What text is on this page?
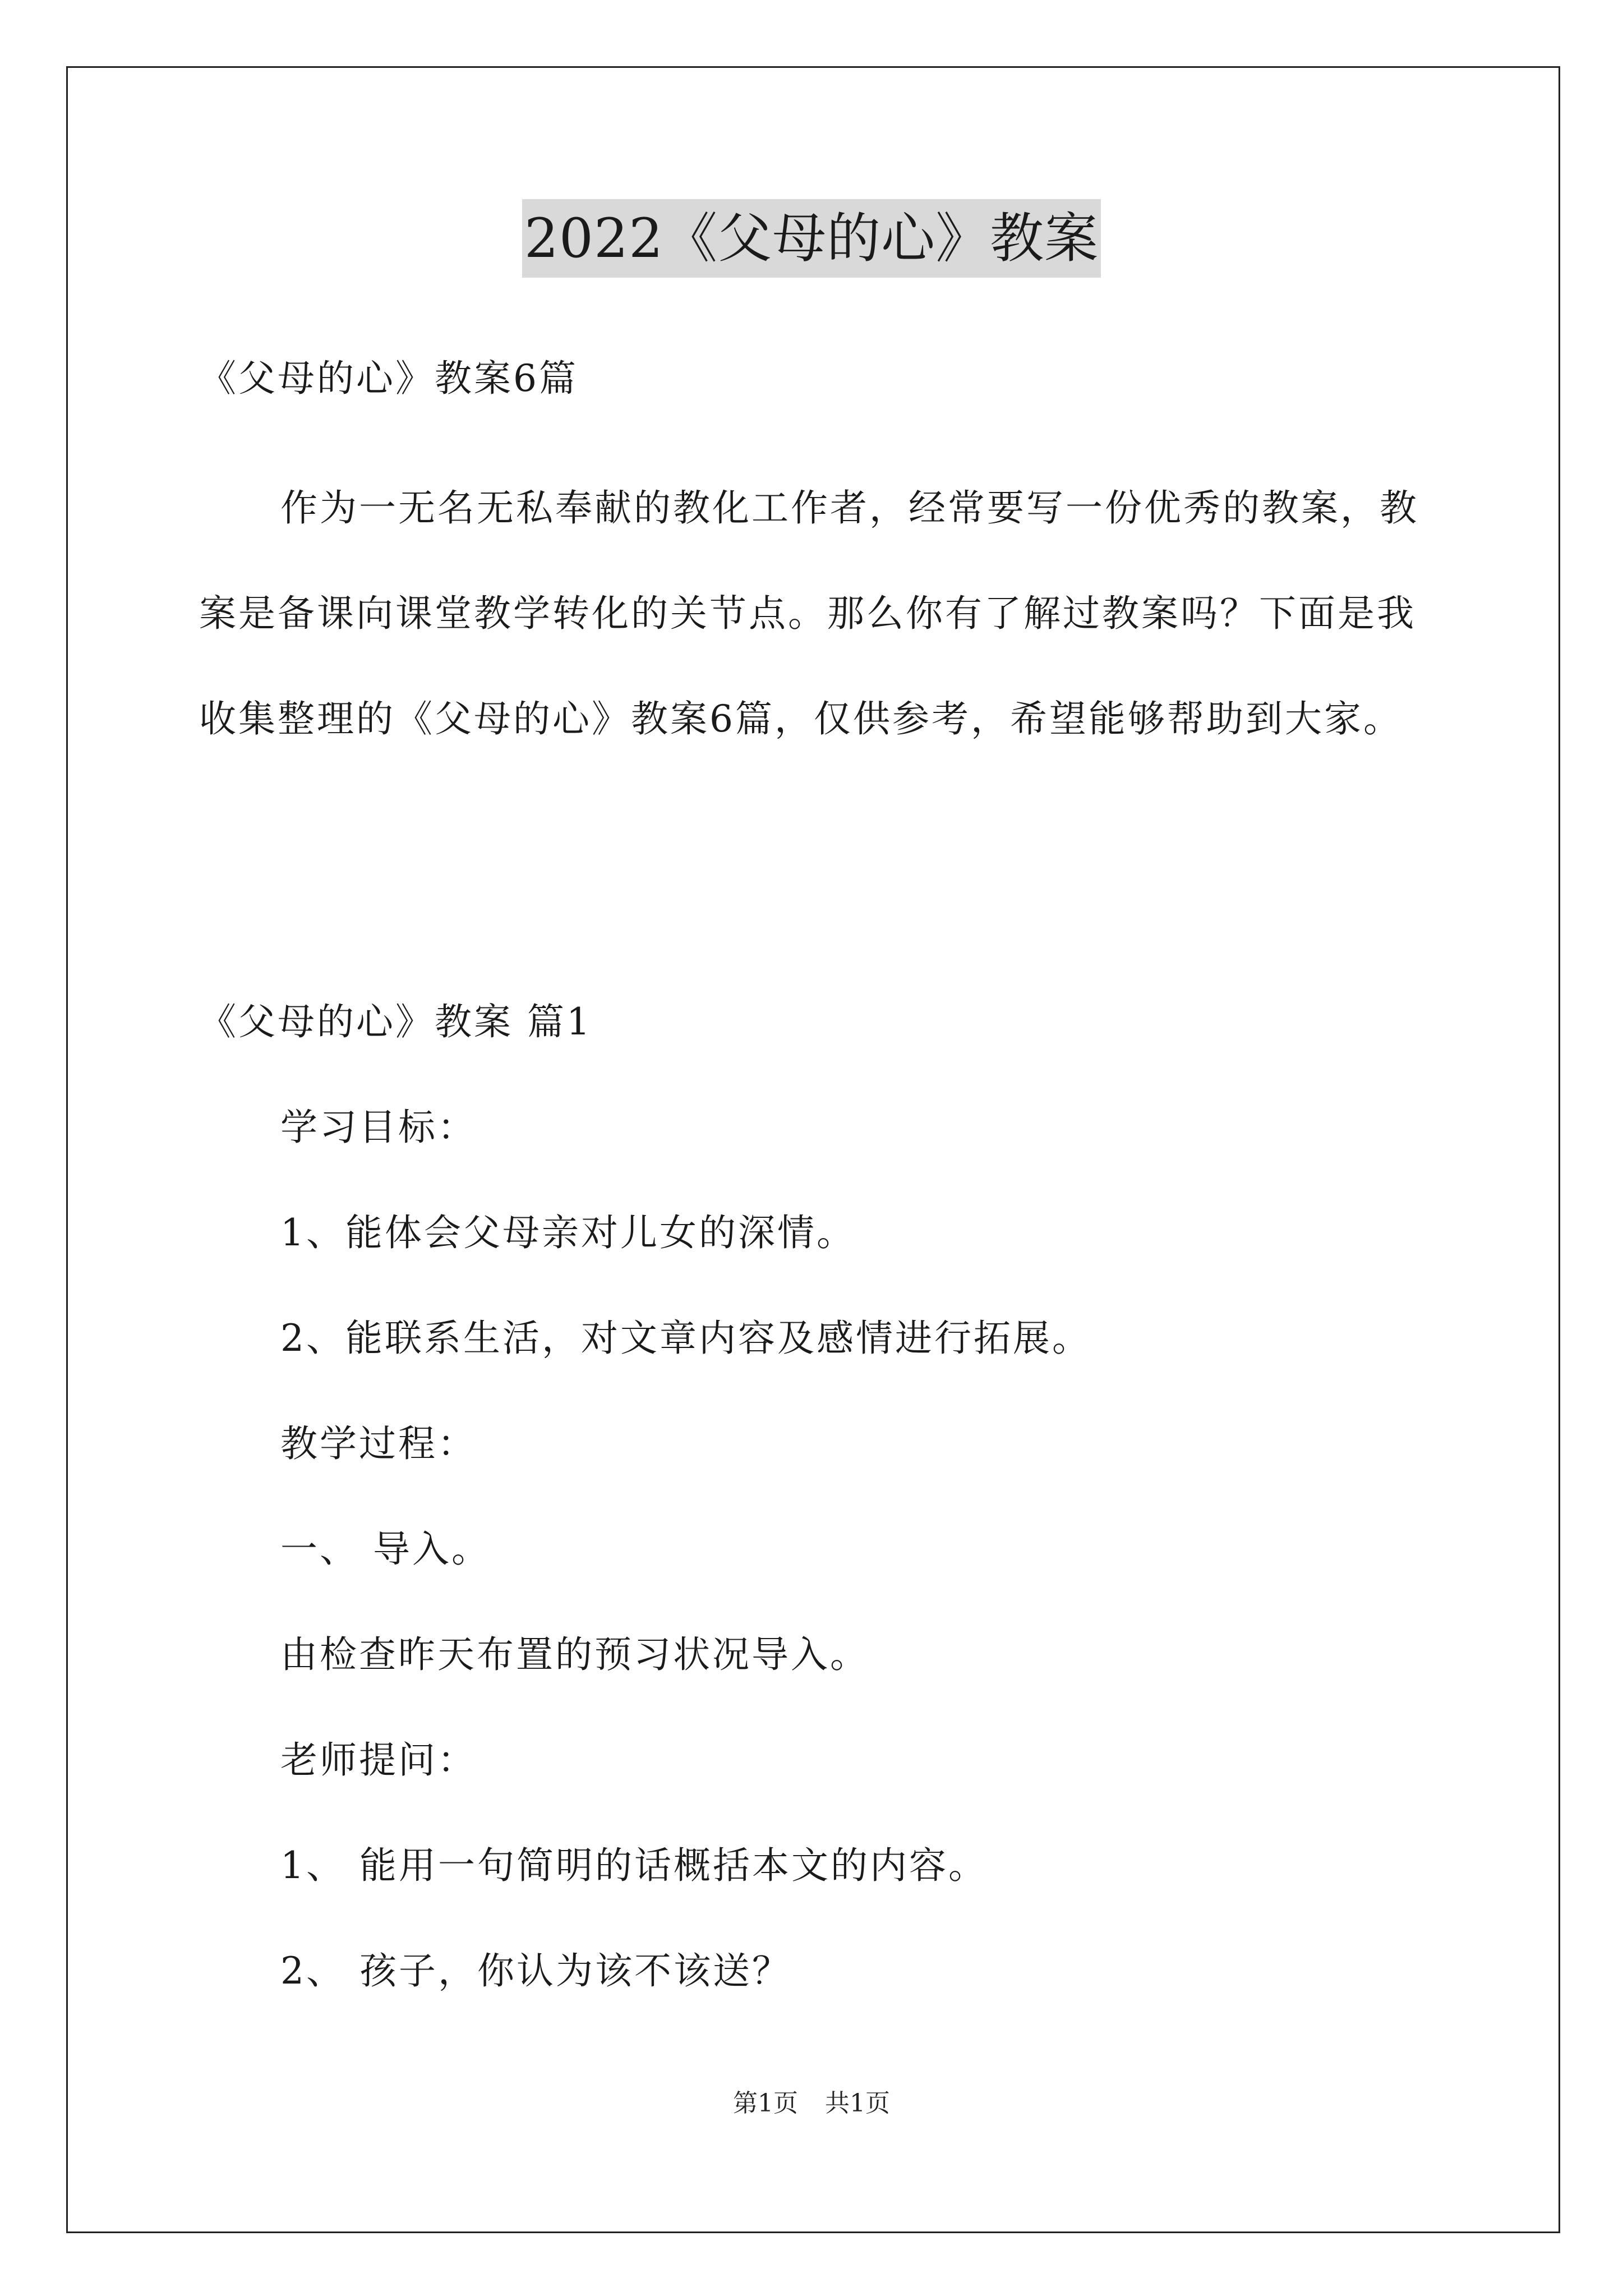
2022《父母的心》教案
《父母的心》教案6篇

作为一无名无私奉献的教化工作者，经常要写一份优秀的教案，教案是备课向课堂教学转化的关节点。那么你有了解过教案吗？下面是我收集整理的《父母的心》教案6篇，仅供参考，希望能够帮助到大家。

《父母的心》教案 篇1
学习目标：
1、能体会父母亲对儿女的深情。
2、能联系生活，对文章内容及感情进行拓展。
教学过程：
一、 导入。
由检查昨天布置的预习状况导入。
老师提问：
1、 能用一句简明的话概括本文的内容。
2、 孩子，你认为该不该送？
第1页 共1页
